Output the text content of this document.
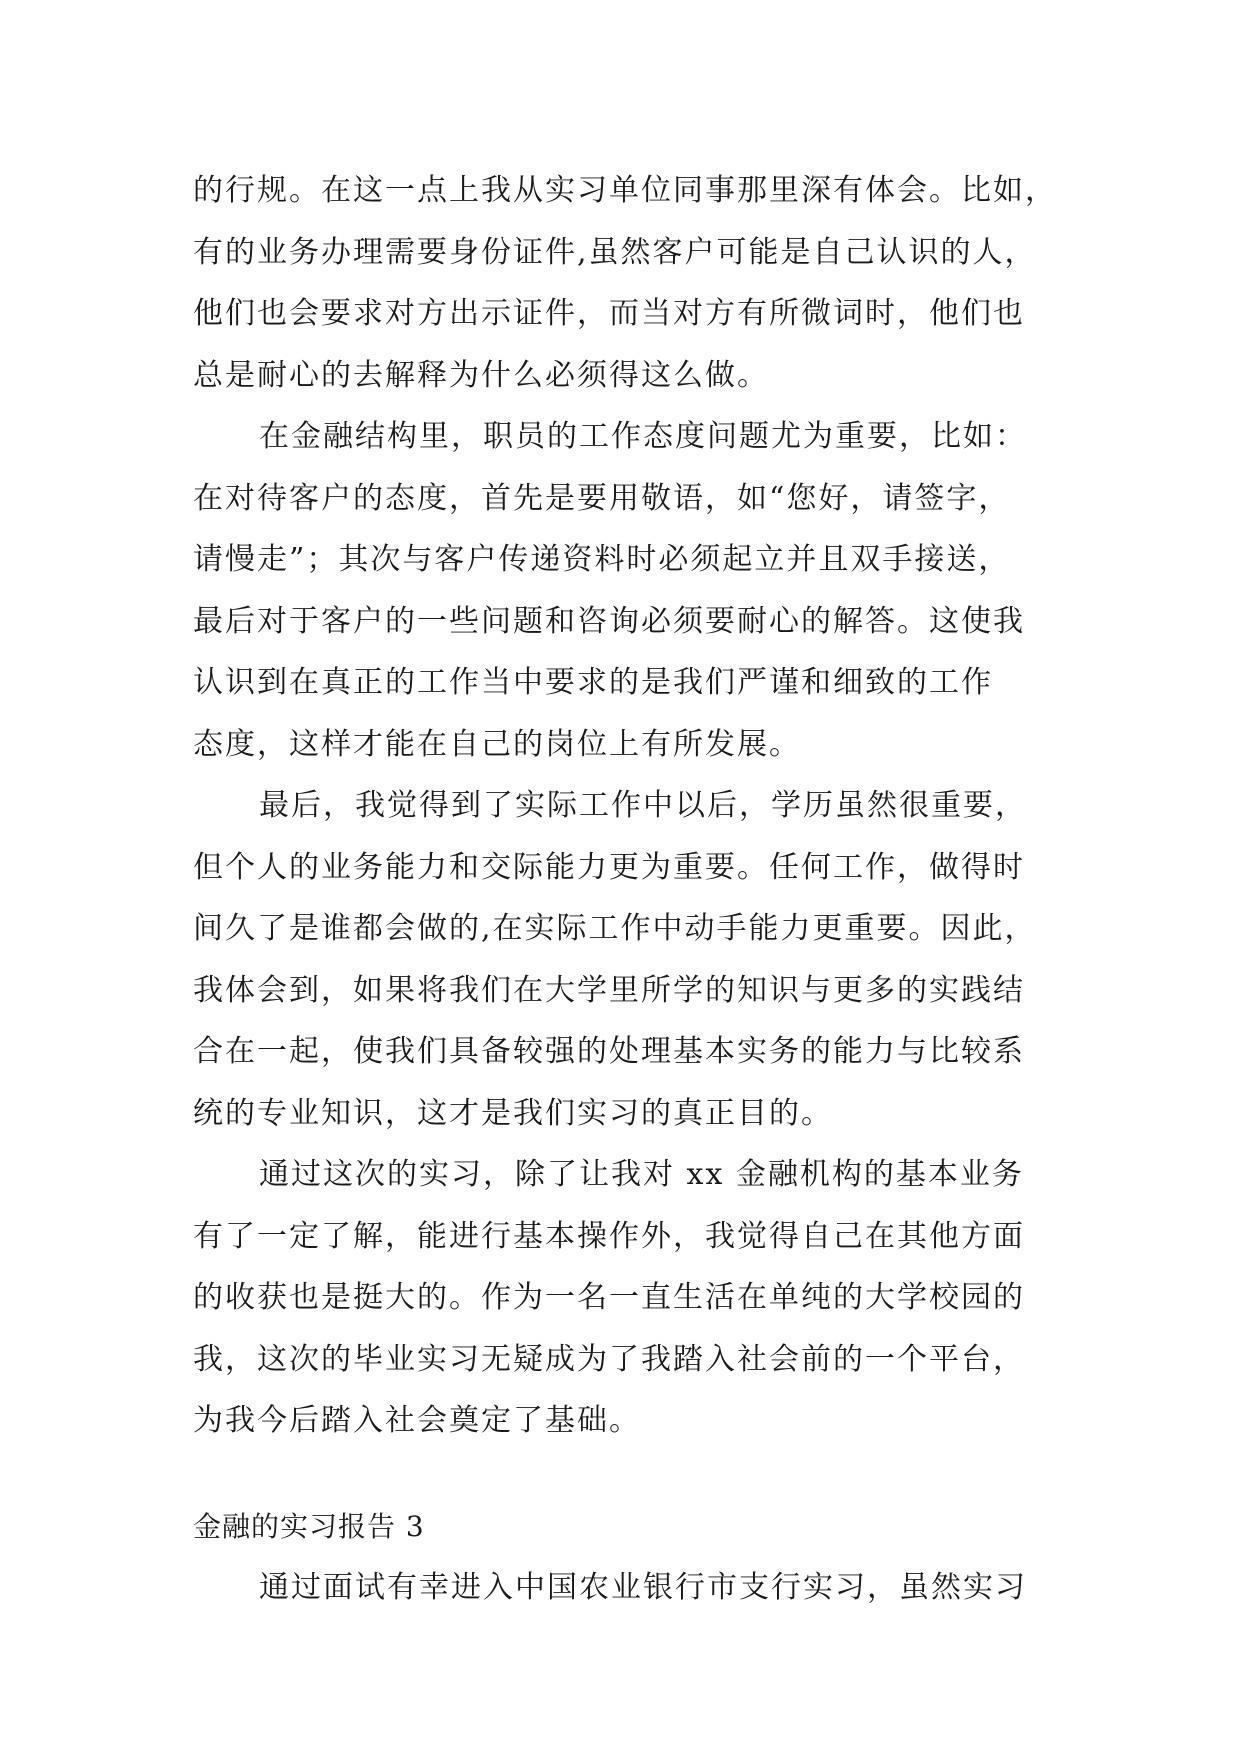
的行规。在这一点上我从实习单位同事那里深有体会。比如，
有的业务办理需要身份证件,虽然客户可能是自己认识的人，
他们也会要求对方出示证件，而当对方有所微词时，他们也
总是耐心的去解释为什么必须得这么做。
在金融结构里，职员的工作态度问题尤为重要，比如：
在对待客户的态度，首先是要用敬语，如“您好，请签字，
请慢走”；其次与客户传递资料时必须起立并且双手接送，
最后对于客户的一些问题和咨询必须要耐心的解答。这使我
认识到在真正的工作当中要求的是我们严谨和细致的工作
态度，这样才能在自己的岗位上有所发展。
最后，我觉得到了实际工作中以后，学历虽然很重要，
但个人的业务能力和交际能力更为重要。任何工作，做得时
间久了是谁都会做的,在实际工作中动手能力更重要。因此，
我体会到，如果将我们在大学里所学的知识与更多的实践结
合在一起，使我们具备较强的处理基本实务的能力与比较系
统的专业知识，这才是我们实习的真正目的。
通过这次的实习，除了让我对 xx 金融机构的基本业务
有了一定了解，能进行基本操作外，我觉得自己在其他方面
的收获也是挺大的。作为一名一直生活在单纯的大学校园的
我，这次的毕业实习无疑成为了我踏入社会前的一个平台，
为我今后踏入社会奠定了基础。
金融的实习报告 3
通过面试有幸进入中国农业银行市支行实习，虽然实习
